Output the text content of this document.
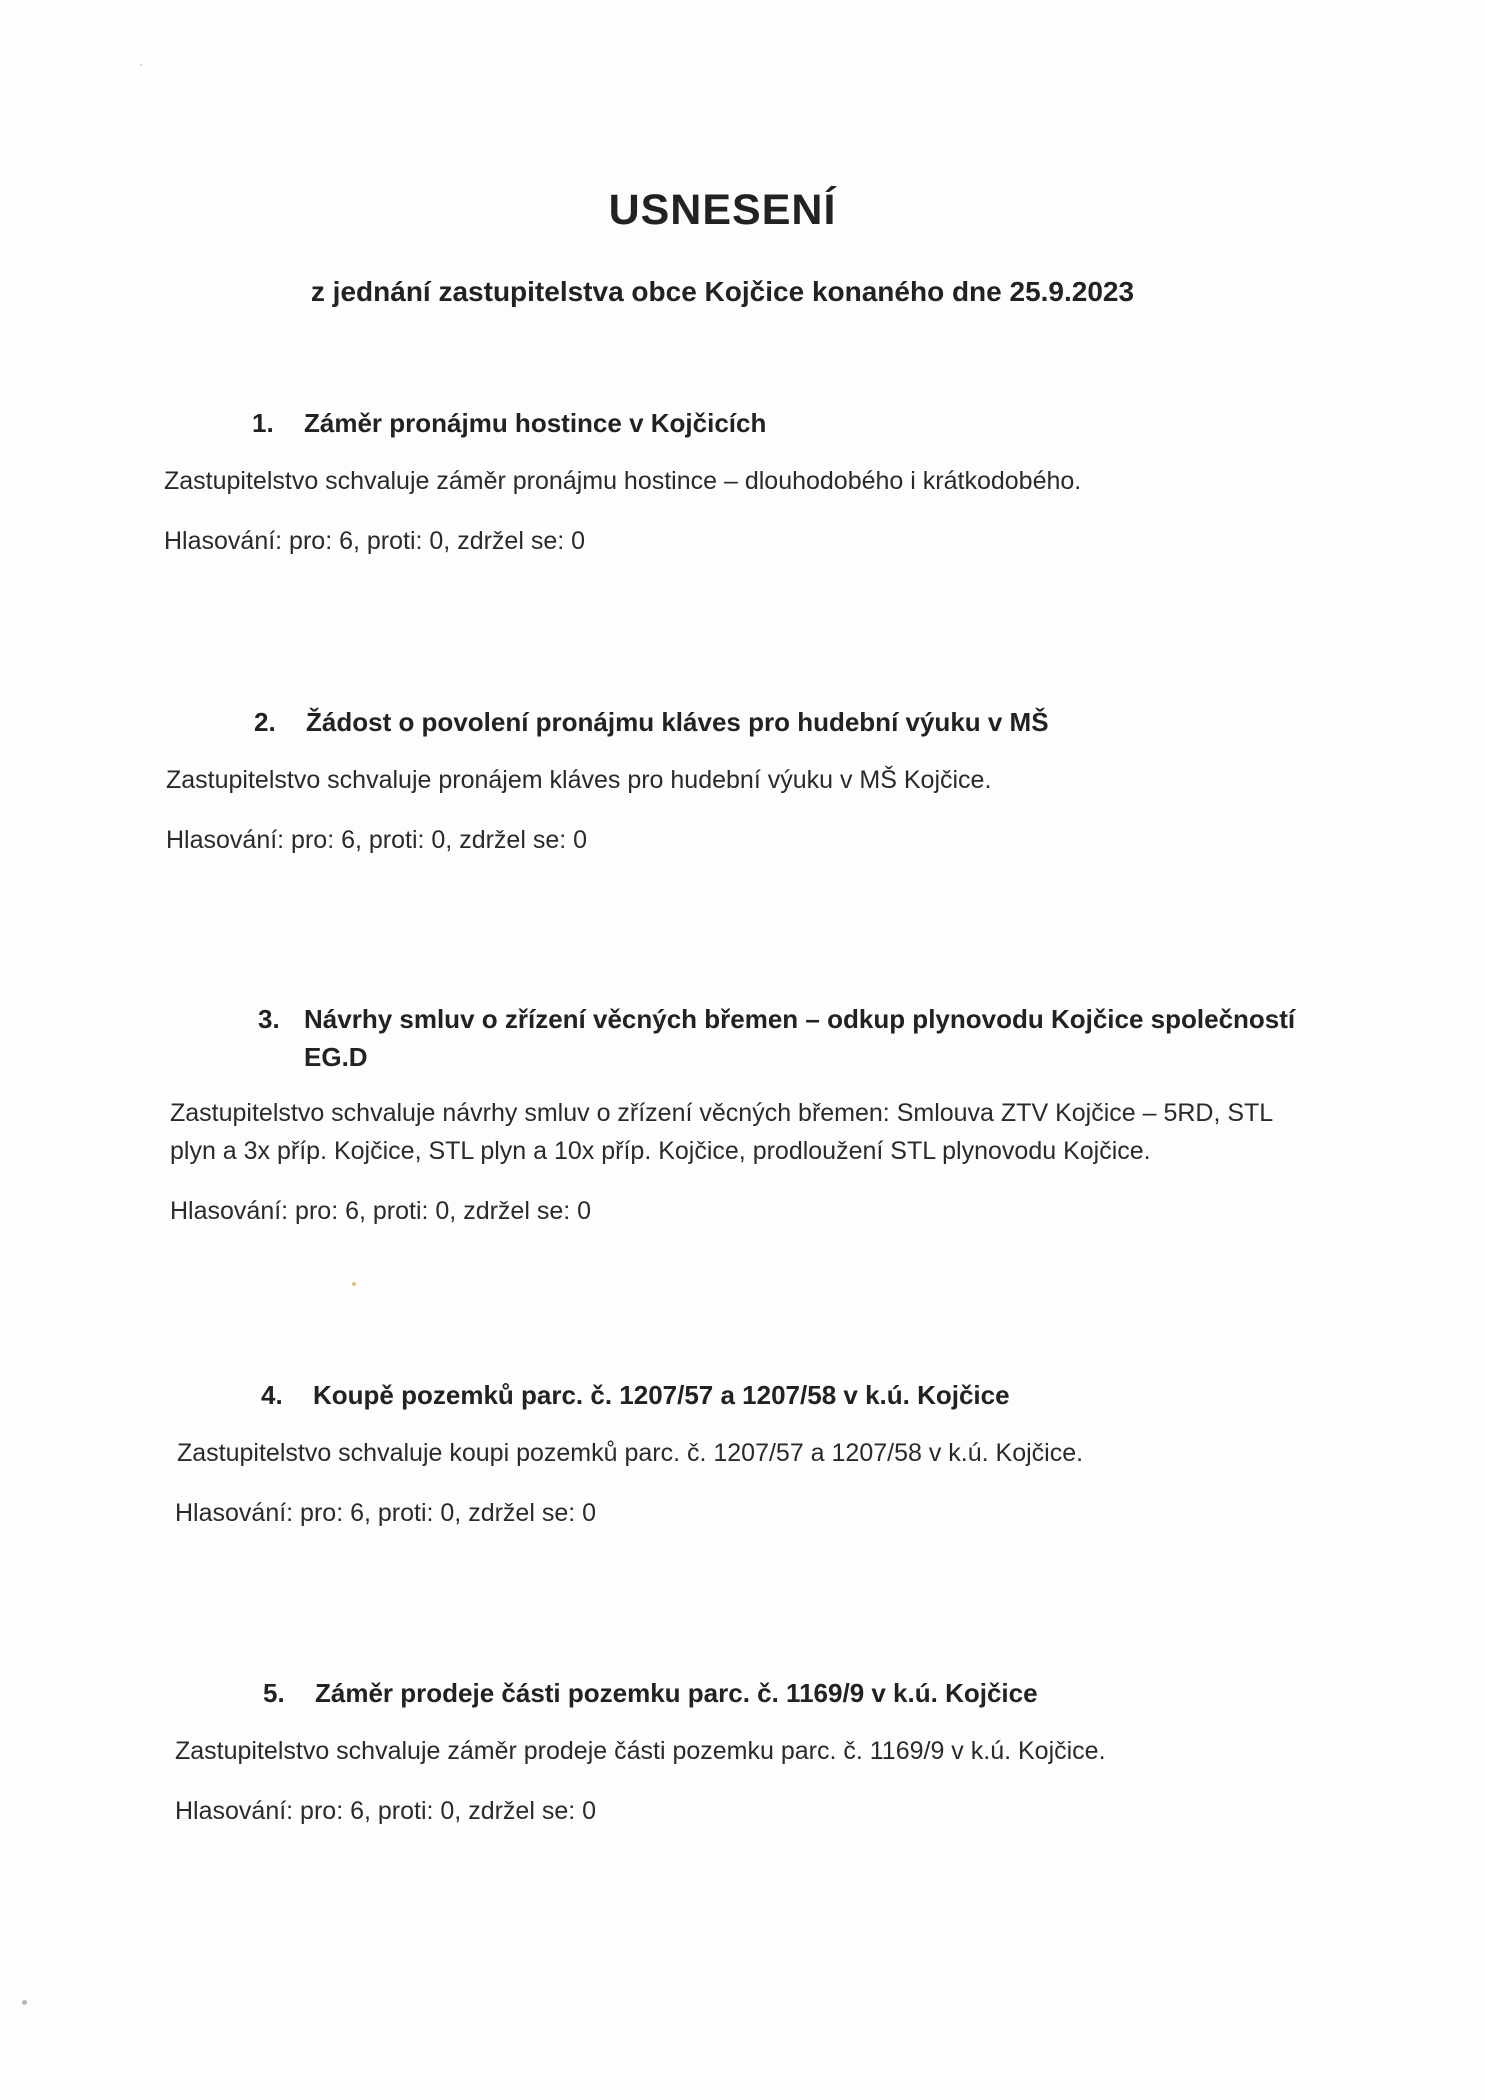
USNESENÍ
z jednání zastupitelstva obce Kojčice konaného dne 25.9.2023
1. Záměr pronájmu hostince v Kojčicích
Zastupitelstvo schvaluje záměr pronájmu hostince – dlouhodobého i krátkodobého.
Hlasování: pro: 6, proti: 0, zdržel se: 0
2. Žádost o povolení pronájmu kláves pro hudební výuku v MŠ
Zastupitelstvo schvaluje pronájem kláves pro hudební výuku v MŠ Kojčice.
Hlasování: pro: 6, proti: 0, zdržel se: 0
3. Návrhy smluv o zřízení věcných břemen – odkup plynovodu Kojčice společností EG.D
Zastupitelstvo schvaluje návrhy smluv o zřízení věcných břemen: Smlouva ZTV Kojčice – 5RD, STL plyn a 3x příp. Kojčice, STL plyn a 10x příp. Kojčice, prodloužení STL plynovodu Kojčice.
Hlasování: pro: 6, proti: 0, zdržel se: 0
4. Koupě pozemků parc. č. 1207/57 a 1207/58 v k.ú. Kojčice
Zastupitelstvo schvaluje koupi pozemků parc. č. 1207/57 a 1207/58 v k.ú. Kojčice.
Hlasování: pro: 6, proti: 0, zdržel se: 0
5. Záměr prodeje části pozemku parc. č. 1169/9 v k.ú. Kojčice
Zastupitelstvo schvaluje záměr prodeje části pozemku parc. č. 1169/9 v k.ú. Kojčice.
Hlasování: pro: 6, proti: 0, zdržel se: 0
